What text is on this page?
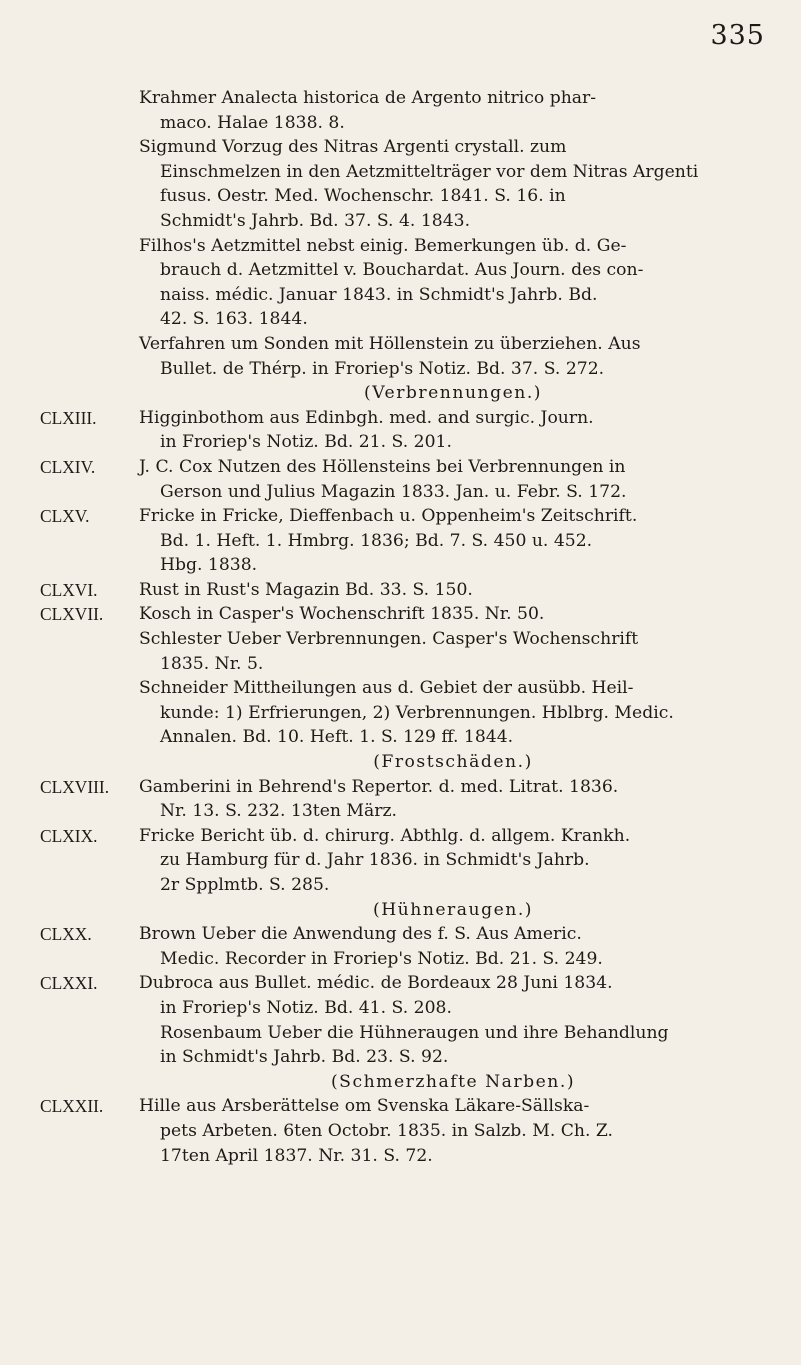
335
Krahmer Analecta historica de Argento nitrico phar-
maco. Halae 1838. 8.
Sigmund Vorzug des Nitras Argenti crystall. zum
Einschmelzen in den Aetzmittelträger vor dem Nitras Argenti
fusus. Oestr. Med. Wochenschr. 1841. S. 16. in
Schmidt's Jahrb. Bd. 37. S. 4. 1843.
Filhos's Aetzmittel nebst einig. Bemerkungen üb. d. Ge-
brauch d. Aetzmittel v. Bouchardat. Aus Journ. des con-
naiss. médic. Januar 1843. in Schmidt's Jahrb. Bd.
42. S. 163. 1844.
Verfahren um Sonden mit Höllenstein zu überziehen. Aus
Bullet. de Thérp. in Froriep's Notiz. Bd. 37. S. 272.
(Verbrennungen.)
CLXIII.	Higginbothom aus Edinbgh. med. and surgic. Journ.
in Froriep's Notiz. Bd. 21. S. 201.
CLXIV.	J. C. Cox Nutzen des Höllensteins bei Verbrennungen in
Gerson und Julius Magazin 1833. Jan. u. Febr. S. 172.
CLXV.	Fricke in Fricke, Dieffenbach u. Oppenheim's Zeitschrift.
Bd. 1. Heft. 1. Hmbrg. 1836; Bd. 7. S. 450 u. 452.
Hbg. 1838.
CLXVI.	Rust in Rust's Magazin Bd. 33. S. 150.
CLXVII.	Kosch in Casper's Wochenschrift 1835. Nr. 50.
Schlester Ueber Verbrennungen. Casper's Wochenschrift
1835. Nr. 5.
Schneider Mittheilungen aus d. Gebiet der ausübb. Heil-
kunde: 1) Erfrierungen, 2) Verbrennungen. Hblbrg. Medic.
Annalen. Bd. 10. Heft. 1. S. 129 ff. 1844.
(Frostschäden.)
CLXVIII.	Gamberini in Behrend's Repertor. d. med. Litrat. 1836.
Nr. 13. S. 232. 13ten März.
CLXIX.	Fricke Bericht üb. d. chirurg. Abthlg. d. allgem. Krankh.
zu Hamburg für d. Jahr 1836. in Schmidt's Jahrb.
2r Spplmtb. S. 285.
(Hühneraugen.)
CLXX.	Brown Ueber die Anwendung des f. S. Aus Americ.
Medic. Recorder in Froriep's Notiz. Bd. 21. S. 249.
CLXXI.	Dubroca aus Bullet. médic. de Bordeaux 28 Juni 1834.
in Froriep's Notiz. Bd. 41. S. 208.
Rosenbaum Ueber die Hühneraugen und ihre Behandlung
in Schmidt's Jahrb. Bd. 23. S. 92.
(Schmerzhafte Narben.)
CLXXII.	Hille aus Arsberättelse om Svenska Läkare-Sällska-
pets Arbeten. 6ten Octobr. 1835. in Salzb. M. Ch. Z.
17ten April 1837. Nr. 31. S. 72.
